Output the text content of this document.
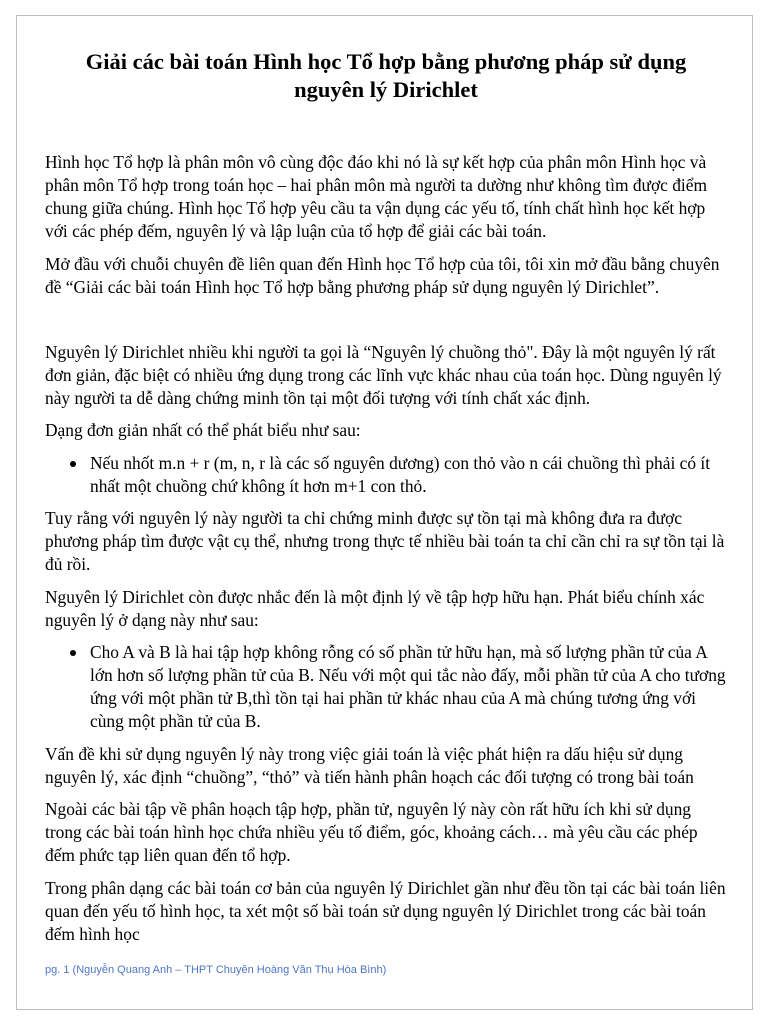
Giải các bài toán Hình học Tổ hợp bằng phương pháp sử dụng nguyên lý Dirichlet

Hình học Tổ hợp là phân môn vô cùng độc đáo khi nó là sự kết hợp của phân môn Hình học và phân môn Tổ hợp trong toán học – hai phân môn mà người ta dường như không tìm được điểm chung giữa chúng. Hình học Tổ hợp yêu cầu ta vận dụng các yếu tố, tính chất hình học kết hợp với các phép đếm, nguyên lý và lập luận của tổ hợp để giải các bài toán.

Mở đầu với chuỗi chuyên đề liên quan đến Hình học Tổ hợp của tôi, tôi xin mở đầu bằng chuyên đề “Giải các bài toán Hình học Tổ hợp bằng phương pháp sử dụng nguyên lý Dirichlet”.

Nguyên lý Dirichlet nhiều khi người ta gọi là “Nguyên lý chuồng thỏ". Đây là một nguyên lý rất đơn giản, đặc biệt có nhiều ứng dụng trong các lĩnh vực khác nhau của toán học. Dùng nguyên lý này người ta dễ dàng chứng minh tồn tại một đối tượng với tính chất xác định.

Dạng đơn giản nhất có thể phát biểu như sau:

Nếu nhốt m.n + r (m, n, r là các số nguyên dương) con thỏ vào n cái chuồng thì phải có ít nhất một chuồng chứ không ít hơn m+1 con thỏ.

Tuy rằng với nguyên lý này người ta chỉ chứng minh được sự tồn tại mà không đưa ra được phương pháp tìm được vật cụ thể, nhưng trong thực tế nhiều bài toán ta chỉ cần chỉ ra sự tồn tại là đủ rồi.

Nguyên lý Dirichlet còn được nhắc đến là một định lý về tập hợp hữu hạn. Phát biểu chính xác nguyên lý ở dạng này như sau:

Cho A và B là hai tập hợp không rỗng có số phần tử hữu hạn, mà số lượng phần tử của A lớn hơn số lượng phần tử của B. Nếu với một qui tắc nào đấy, mỗi phần tử của A cho tương ứng với một phần tử B,thì tồn tại hai phần tử khác nhau của A mà chúng tương ứng với cùng một phần tử của B.

Vấn đề khi sử dụng nguyên lý này trong việc giải toán là việc phát hiện ra dấu hiệu sử dụng nguyên lý, xác định “chuồng”, “thỏ” và tiến hành phân hoạch các đối tượng có trong bài toán

Ngoài các bài tập về phân hoạch tập hợp, phần tử, nguyên lý này còn rất hữu ích khi sử dụng trong các bài toán hình học chứa nhiều yếu tố điểm, góc, khoảng cách… mà yêu cầu các phép đếm phức tạp liên quan đến tổ hợp.

Trong phân dạng các bài toán cơ bản của nguyên lý Dirichlet gần như đều tồn tại các bài toán liên quan đến yếu tố hình học, ta xét một số bài toán sử dụng nguyên lý Dirichlet trong các bài toán đếm hình học

pg. 1 (Nguyễn Quang Anh – THPT Chuyên Hoàng Văn Thụ Hòa Bình)
